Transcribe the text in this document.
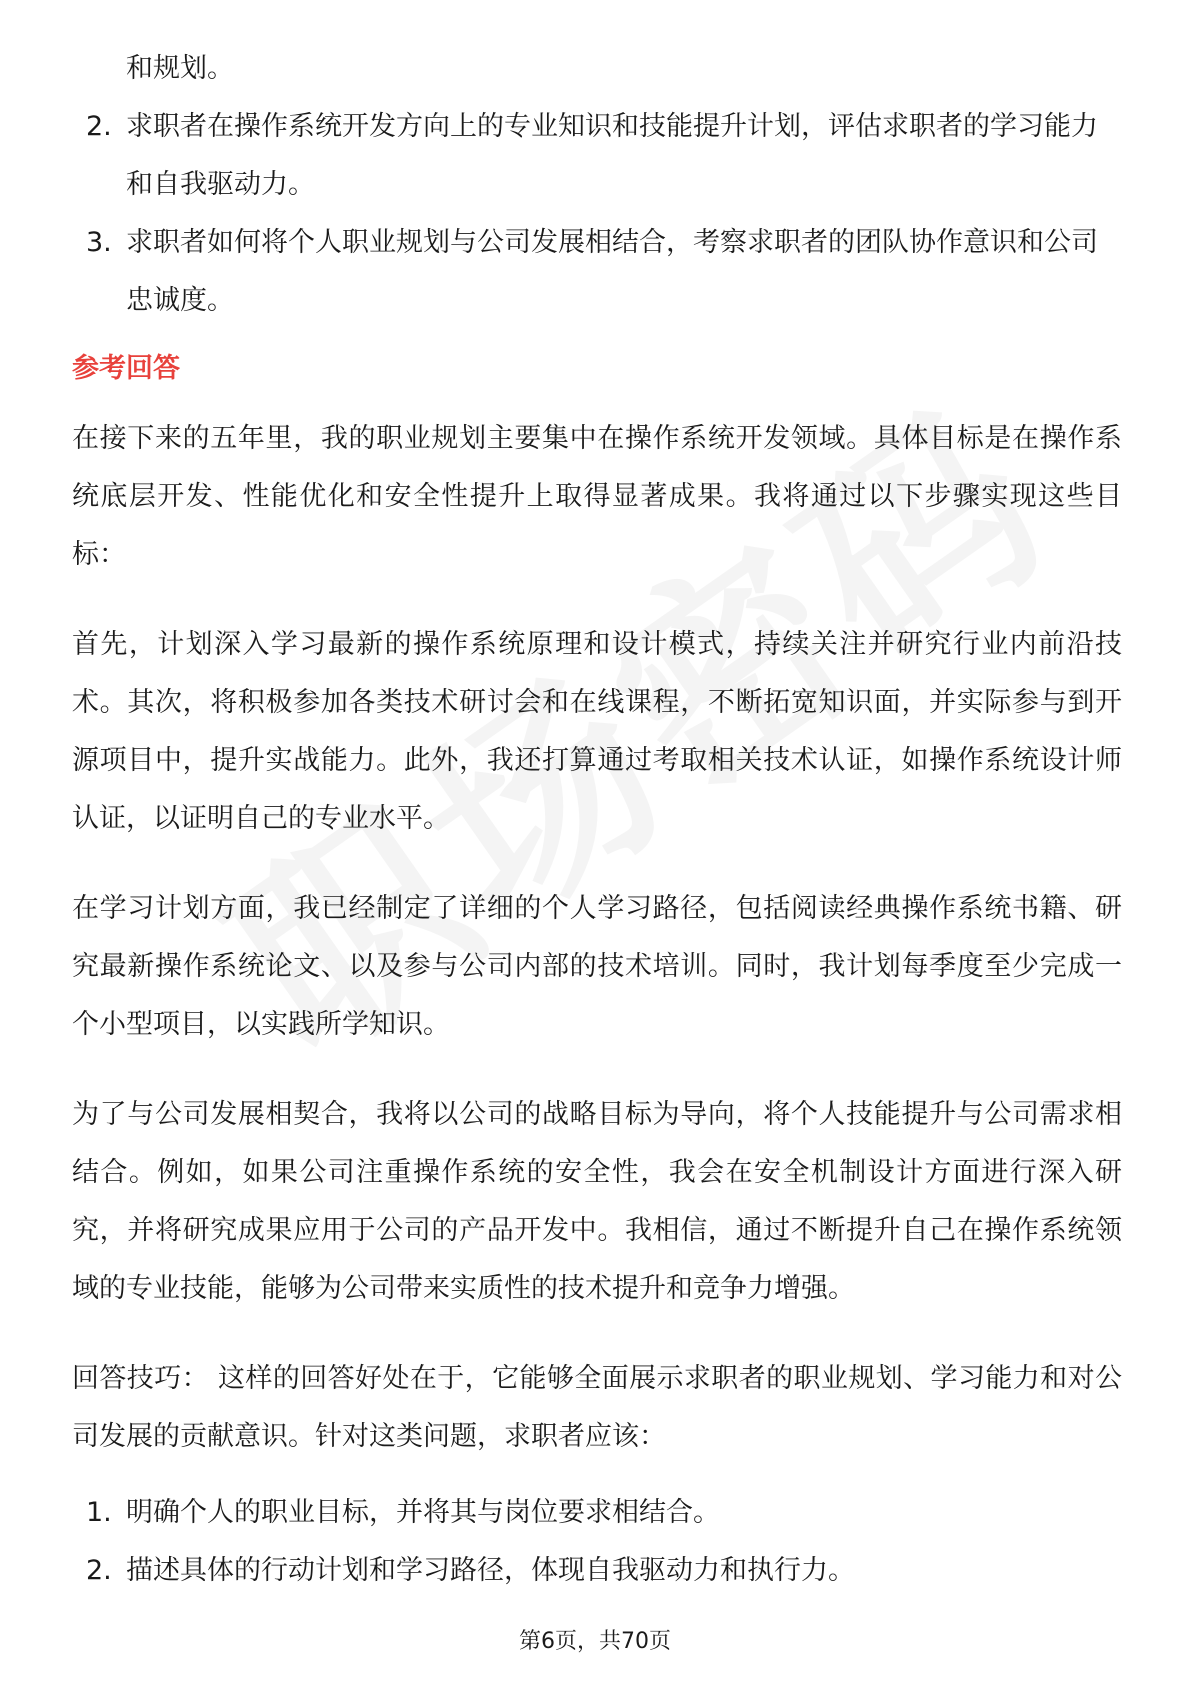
和规划。
2. 求职者在操作系统开发方向上的专业知识和技能提升计划，评估求职者的学习能力和自我驱动力。
3. 求职者如何将个人职业规划与公司发展相结合，考察求职者的团队协作意识和公司忠诚度。
参考回答

在接下来的五年里，我的职业规划主要集中在操作系统开发领域。具体目标是在操作系统底层开发、性能优化和安全性提升上取得显著成果。我将通过以下步骤实现这些目标：

首先，计划深入学习最新的操作系统原理和设计模式，持续关注并研究行业内前沿技术。其次，将积极参加各类技术研讨会和在线课程，不断拓宽知识面，并实际参与到开源项目中，提升实战能力。此外，我还打算通过考取相关技术认证，如操作系统设计师认证，以证明自己的专业水平。

在学习计划方面，我已经制定了详细的个人学习路径，包括阅读经典操作系统书籍、研究最新操作系统论文、以及参与公司内部的技术培训。同时，我计划每季度至少完成一个小型项目，以实践所学知识。

为了与公司发展相契合，我将以公司的战略目标为导向，将个人技能提升与公司需求相结合。例如，如果公司注重操作系统的安全性，我会在安全机制设计方面进行深入研究，并将研究成果应用于公司的产品开发中。我相信，通过不断提升自己在操作系统领域的专业技能，能够为公司带来实质性的技术提升和竞争力增强。

回答技巧： 这样的回答好处在于，它能够全面展示求职者的职业规划、学习能力和对公司发展的贡献意识。针对这类问题，求职者应该：

1. 明确个人的职业目标，并将其与岗位要求相结合。
2. 描述具体的行动计划和学习路径，体现自我驱动力和执行力。
第6页，共70页
